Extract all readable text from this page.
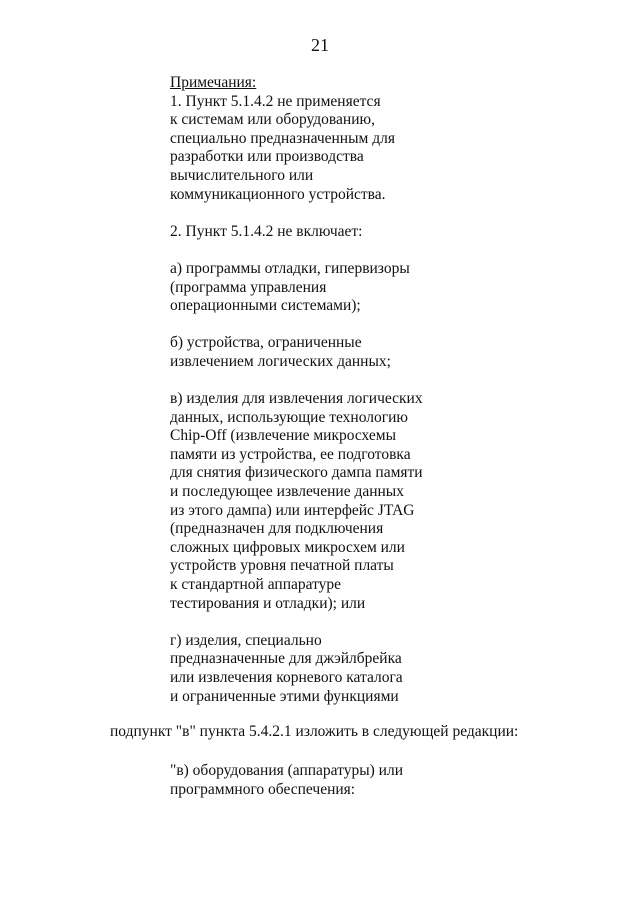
21
Примечания:
1. Пункт 5.1.4.2 не применяется
к системам или оборудованию,
специально предназначенным для
разработки или производства
вычислительного или
коммуникационного устройства.
2. Пункт 5.1.4.2 не включает:
а) программы отладки, гипервизоры
(программа управления
операционными системами);
б) устройства, ограниченные
извлечением логических данных;
в) изделия для извлечения логических
данных, использующие технологию
Chip-Off (извлечение микросхемы
памяти из устройства, ее подготовка
для снятия физического дампа памяти
и последующее извлечение данных
из этого дампа) или интерфейс JTAG
(предназначен для подключения
сложных цифровых микросхем или
устройств уровня печатной платы
к стандартной аппаратуре
тестирования и отладки); или
г) изделия, специально
предназначенные для джэйлбрейка
или извлечения корневого каталога
и ограниченные этими функциями
подпункт "в" пункта 5.4.2.1 изложить в следующей редакции:
"в) оборудования (аппаратуры) или
программного обеспечения:
